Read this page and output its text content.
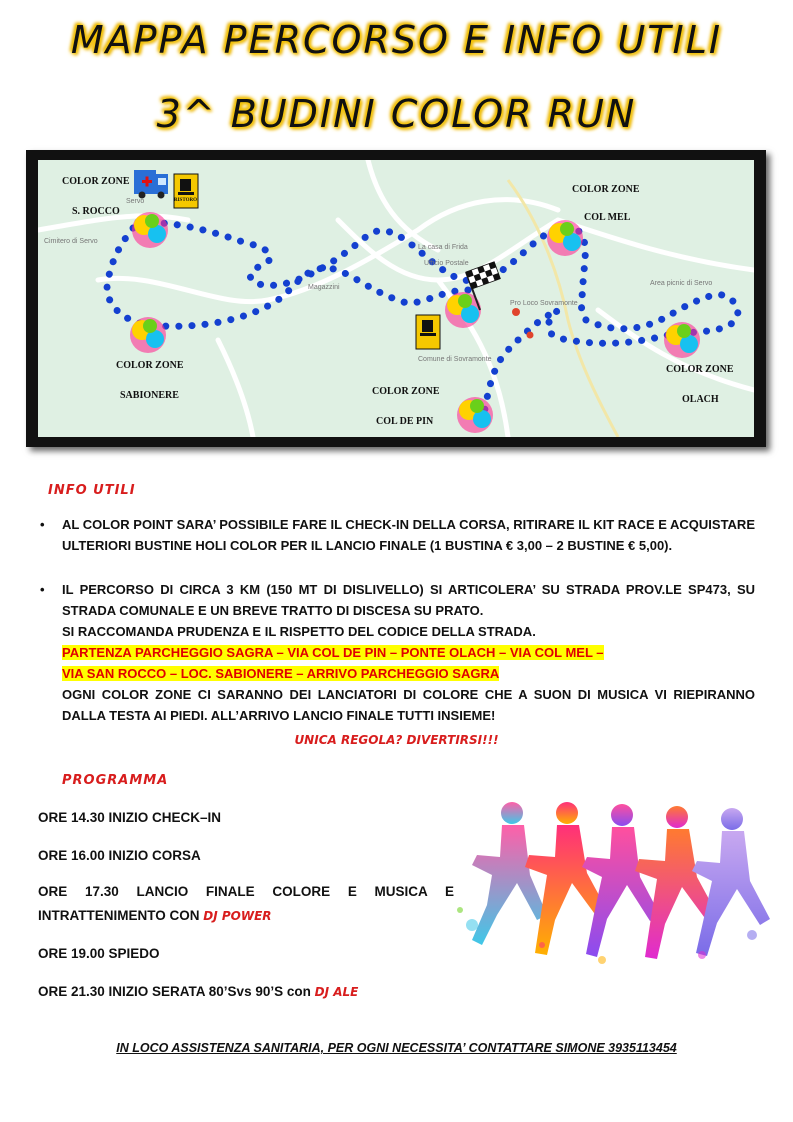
MAPPA PERCORSO E INFO UTILI
3^ BUDINI COLOR RUN
Cimitero di Servo
Servo
La casa di Frida
Ufficio Postale
Pro Loco Sovramonte
Comune di Sovramonte
Area picnic di Servo
Magazzini
COLOR ZONE
S. ROCCO
COLOR ZONE
COL MEL
COLOR ZONE
SABIONERE	COLOR ZONE
COL DE PIN
COLOR ZONE
OLACH
RISTORO
INFO UTILI
• AL COLOR POINT SARA’ POSSIBILE FARE IL CHECK-IN DELLA CORSA, RITIRARE IL KIT RACE E ACQUISTARE ULTERIORI BUSTINE HOLI COLOR PER IL LANCIO FINALE (1 BUSTINA € 3,00 – 2 BUSTINE € 5,00).
• IL PERCORSO DI CIRCA 3 KM (150 MT DI DISLIVELLO) SI ARTICOLERA’ SU STRADA PROV.LE SP473, SU STRADA COMUNALE E UN BREVE TRATTO DI DISCESA SU PRATO.
SI RACCOMANDA PRUDENZA E IL RISPETTO DEL CODICE DELLA STRADA.
PARTENZA PARCHEGGIO SAGRA – VIA COL DE PIN – PONTE OLACH – VIA COL MEL –
VIA SAN ROCCO – LOC. SABIONERE – ARRIVO PARCHEGGIO SAGRA
OGNI COLOR ZONE CI SARANNO DEI LANCIATORI DI COLORE CHE A SUON DI MUSICA VI RIEPIRANNO DALLA TESTA AI PIEDI. ALL’ARRIVO LANCIO FINALE TUTTI INSIEME!
UNICA REGOLA? DIVERTIRSI!!!
PROGRAMMA
ORE 14.30 INIZIO CHECK–IN
ORE 16.00 INIZIO CORSA
ORE 17.30 LANCIO FINALE COLORE E MUSICA E
INTRATTENIMENTO CON DJ POWER
ORE 19.00 SPIEDO
ORE 21.30 INIZIO SERATA 80’Svs 90’S con DJ ALE
IN LOCO ASSISTENZA SANITARIA, PER OGNI NECESSITA’ CONTATTARE SIMONE 3935113454
